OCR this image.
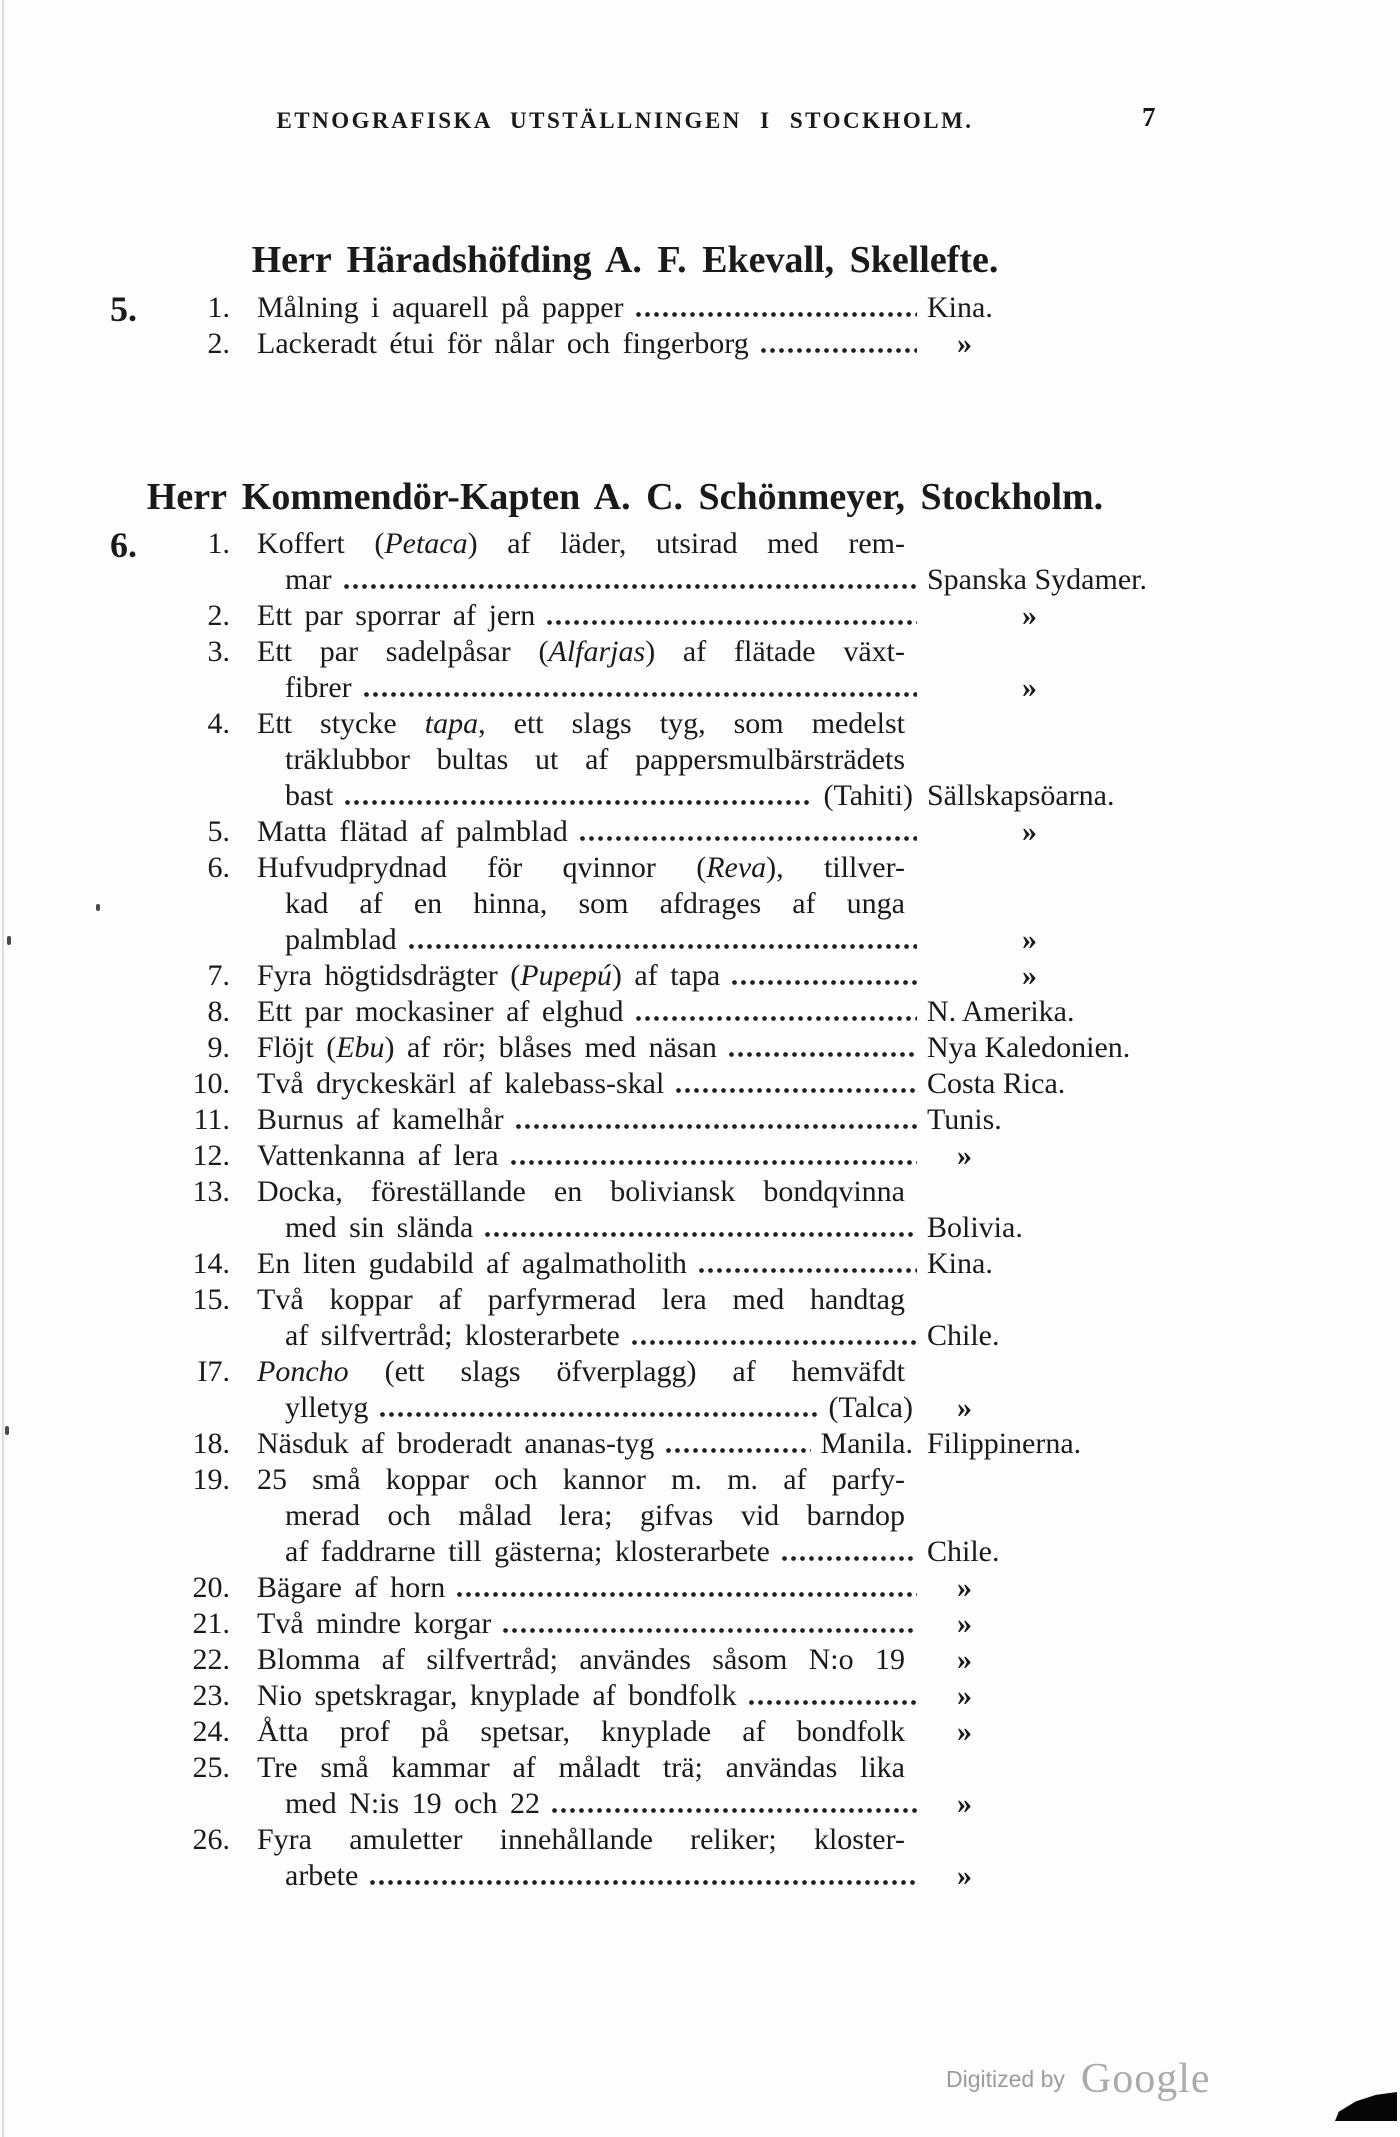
ETNOGRAFISKA UTSTÄLLNINGEN I STOCKHOLM.	7
Herr Häradshöfding A. F. Ekevall, Skellefte.
5.	1. Målning i aquarell på papper	Kina.
2. Lackeradt étui för nålar och fingerborg	»
Herr Kommendör-Kapten A. C. Schönmeyer, Stockholm.
6.	1. Koffert (Petaca) af läder, utsirad med rem-
mar	Spanska Sydamer.
2. Ett par sporrar af jern	»
3. Ett par sadelpåsar (Alfarjas) af flätade växt-
fibrer	»
4. Ett stycke tapa, ett slags tyg, som medelst
träklubbor bultas ut af pappersmulbärsträdets
bast	(Tahiti) Sällskapsöarna.
5. Matta flätad af palmblad	»
6. Hufvudprydnad för qvinnor (Reva), tillver-
kad af en hinna, som afdrages af unga
palmblad	»
7. Fyra högtidsdrägter (Pupepú) af tapa	»
8. Ett par mockasiner af elghud	N. Amerika.
9. Flöjt (Ebu) af rör; blåses med näsan	Nya Kaledonien.
10. Två dryckeskärl af kalebass-skal	Costa Rica.
11. Burnus af kamelhår	Tunis.
12. Vattenkanna af lera	»
13. Docka, föreställande en boliviansk bondqvinna
med sin slända	Bolivia.
14. En liten gudabild af agalmatholith	Kina.
15. Två koppar af parfyrmerad lera med handtag
af silfvertråd; klosterarbete	Chile.
I7. Poncho (ett slags öfverplagg) af hemväfdt
ylletyg	(Talca)	»
18. Näsduk af broderadt ananas-tyg	Manila. Filippinerna.
19. 25 små koppar och kannor m. m. af parfy-
merad och målad lera; gifvas vid barndop
af faddrarne till gästerna; klosterarbete	Chile.
20. Bägare af horn	»
21. Två mindre korgar	»
22. Blomma af silfvertråd; användes såsom N:o 19	»
23. Nio spetskragar, knyplade af bondfolk	»
24. Åtta prof på spetsar, knyplade af bondfolk	»
25. Tre små kammar af måladt trä; användas lika
med N:is 19 och 22	»
26. Fyra amuletter innehållande reliker; kloster-
arbete	»
Digitized by Google
